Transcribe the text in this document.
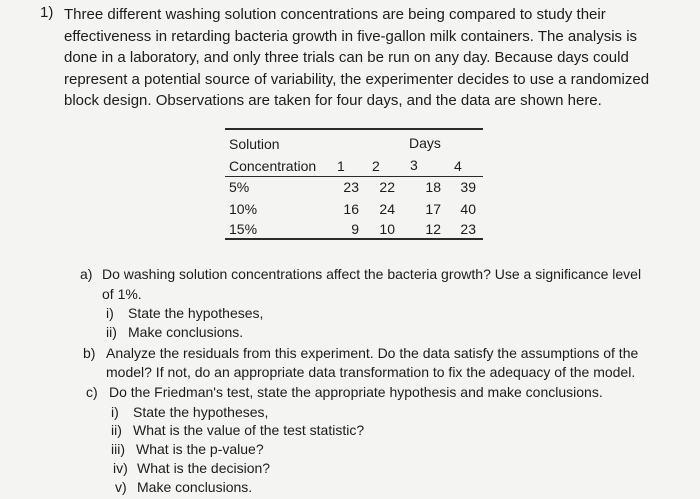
1) Three different washing solution concentrations are being compared to study their effectiveness in retarding bacteria growth in five-gallon milk containers. The analysis is done in a laboratory, and only three trials can be run on any day. Because days could represent a potential source of variability, the experimenter decides to use a randomized block design. Observations are taken for four days, and the data are shown here.

Solution	Days
Concentration 1 2 3	4
5%	23	22	18	39
10%	16	24	17	40
15%	9	10	12	23
a) Do washing solution concentrations affect the bacteria growth? Use a significance level
of 1%.
i) State the hypotheses,
ii) Make conclusions.
b) Analyze the residuals from this experiment. Do the data satisfy the assumptions of the
model? If not, do an appropriate data transformation to fix the adequacy of the model.
c) Do the Friedman's test, state the appropriate hypothesis and make conclusions.
i) State the hypotheses,
ii) What is the value of the test statistic?
iii) What is the p-value?
iv) What is the decision?
v) Make conclusions.
